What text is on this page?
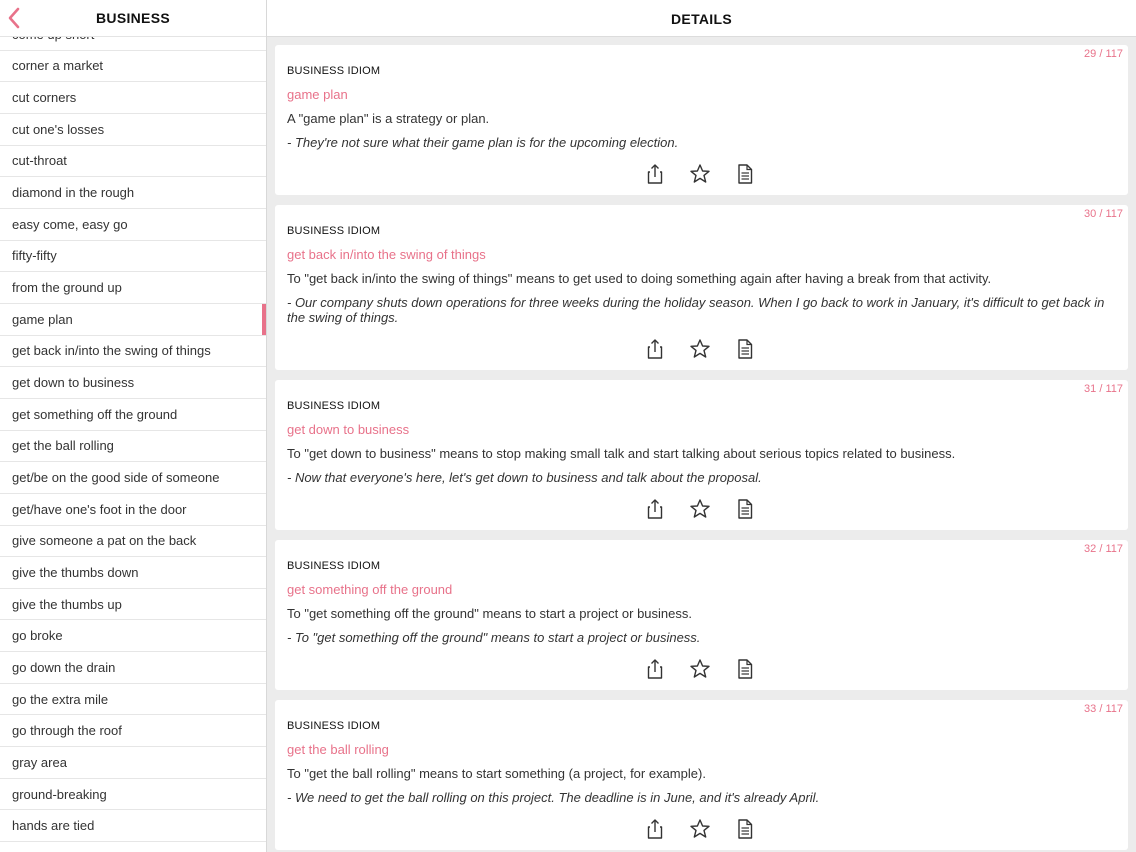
corner a market
cut corners
cut one's losses
cut-throat
diamond in the rough
easy come, easy go
fifty-fifty
from the ground up
game plan
get back in/into the swing of things
get down to business
get something off the ground
get the ball rolling
get/be on the good side of someone
get/have one's foot in the door
give someone a pat on the back
give the thumbs down
give the thumbs up
go broke
go down the drain
go the extra mile
go through the roof
gray area
ground-breaking
hands are tied
BUSINESS	DETAILS
29 / 117
BUSINESS IDIOM
game plan
A "game plan" is a strategy or plan.
- They're not sure what their game plan is for the upcoming election.
30 / 117
BUSINESS IDIOM
get back in/into the swing of things
To "get back in/into the swing of things" means to get used to doing something again after having a break from that activity.
- Our company shuts down operations for three weeks during the holiday season. When I go back to work in January, it's difficult to get back in the swing of things.
31 / 117
BUSINESS IDIOM
get down to business
To "get down to business" means to stop making small talk and start talking about serious topics related to business.
- Now that everyone's here, let's get down to business and talk about the proposal.
32 / 117
BUSINESS IDIOM
get something off the ground
To "get something off the ground" means to start a project or business.
- To "get something off the ground" means to start a project or business.
33 / 117
BUSINESS IDIOM
get the ball rolling
To "get the ball rolling" means to start something (a project, for example).
- We need to get the ball rolling on this project. The deadline is in June, and it's already April.
